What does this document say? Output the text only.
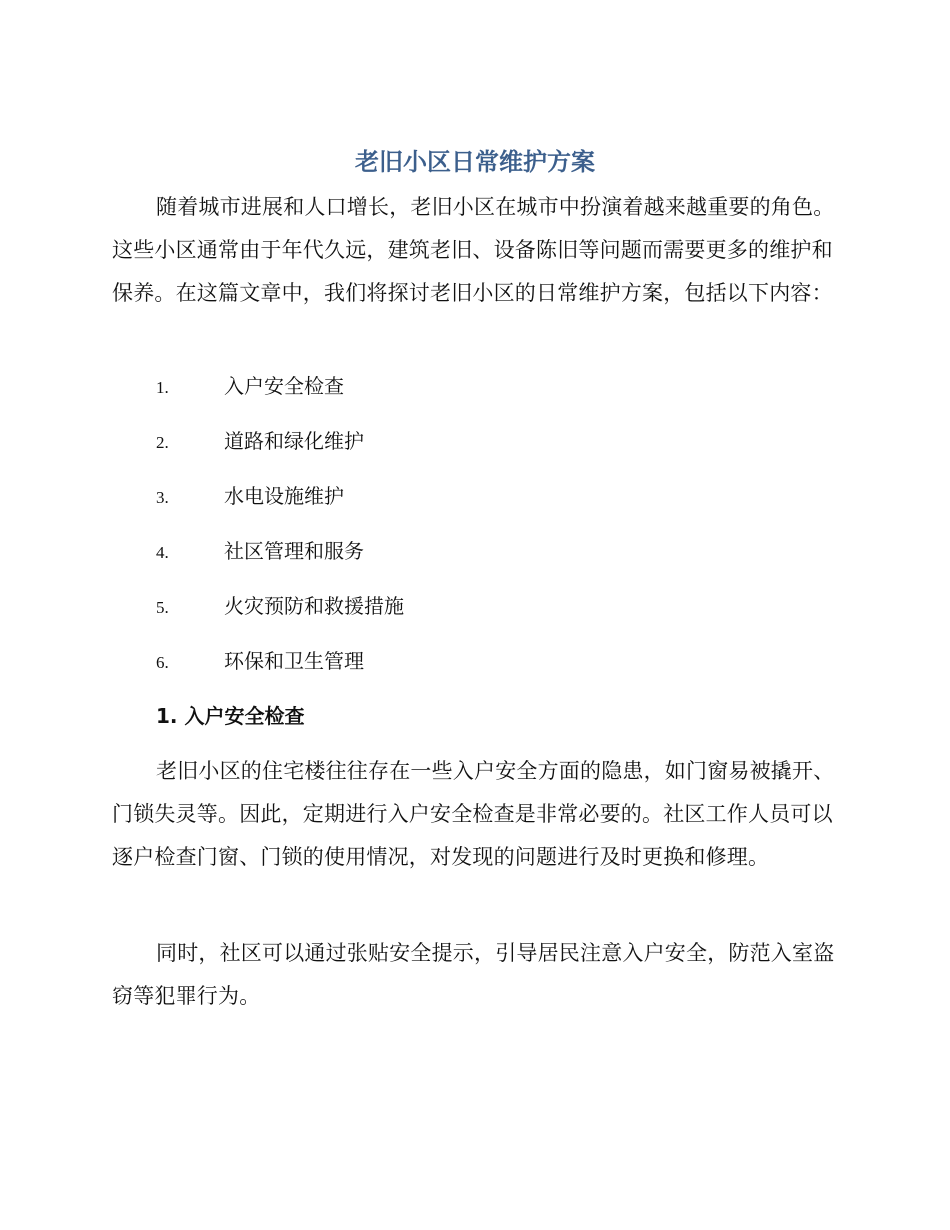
老旧小区日常维护方案
随着城市进展和人口增长，老旧小区在城市中扮演着越来越重要的角色。这些小区通常由于年代久远，建筑老旧、设备陈旧等问题而需要更多的维护和保养。在这篇文章中，我们将探讨老旧小区的日常维护方案，包括以下内容：
1.	入户安全检查
2.	道路和绿化维护
3.	水电设施维护
4.	社区管理和服务
5.	火灾预防和救援措施
6.	环保和卫生管理
1. 入户安全检查
老旧小区的住宅楼往往存在一些入户安全方面的隐患，如门窗易被撬开、门锁失灵等。因此，定期进行入户安全检查是非常必要的。社区工作人员可以逐户检查门窗、门锁的使用情况，对发现的问题进行及时更换和修理。
同时，社区可以通过张贴安全提示，引导居民注意入户安全，防范入室盗窃等犯罪行为。
